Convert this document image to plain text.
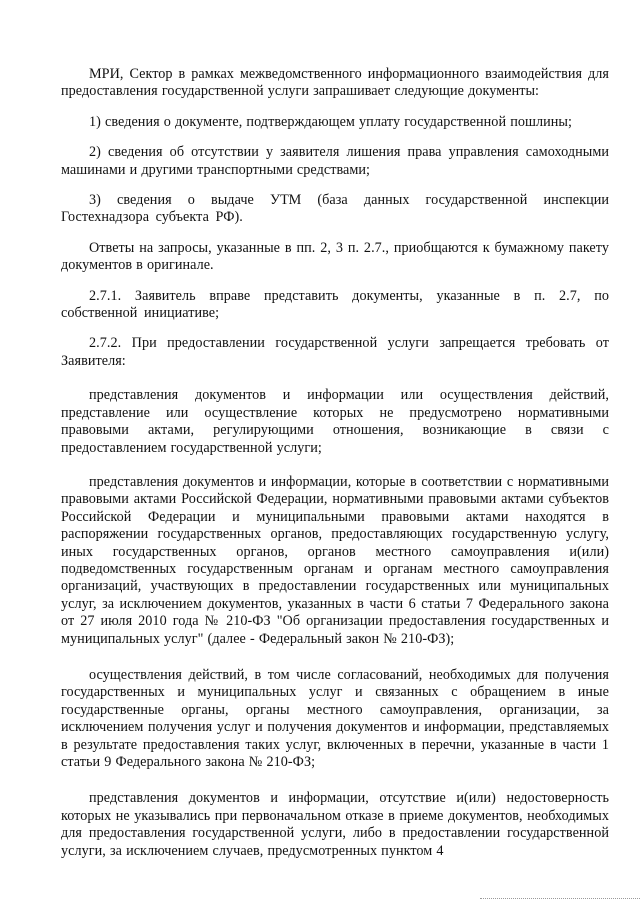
МРИ, Сектор в рамках межведомственного информационного взаимодействия для предоставления государственной услуги запрашивает следующие документы:

1) сведения о документе, подтверждающем уплату государственной пошлины;

2) сведения об отсутствии у заявителя лишения права управления самоходными машинами и другими транспортными средствами;

3) сведения о выдаче УТМ (база данных государственной инспекции Гостехнадзора субъекта РФ).

Ответы на запросы, указанные в пп. 2, 3 п. 2.7., приобщаются к бумажному пакету документов в оригинале.

2.7.1. Заявитель вправе представить документы, указанные в п. 2.7, по собственной инициативе;

2.7.2. При предоставлении государственной услуги запрещается требовать от Заявителя:

представления документов и информации или осуществления действий, представление или осуществление которых не предусмотрено нормативными правовыми актами, регулирующими отношения, возникающие в связи с предоставлением государственной услуги;

представления документов и информации, которые в соответствии с нормативными правовыми актами Российской Федерации, нормативными правовыми актами субъектов Российской Федерации и муниципальными правовыми актами находятся в распоряжении государственных органов, предоставляющих государственную услугу, иных государственных органов, органов местного самоуправления и(или) подведомственных государственным органам и органам местного самоуправления организаций, участвующих в предоставлении государственных или муниципальных услуг, за исключением документов, указанных в части 6 статьи 7 Федерального закона от 27 июля 2010 года № 210-ФЗ "Об организации предоставления государственных и муниципальных услуг" (далее - Федеральный закон № 210-ФЗ);

осуществления действий, в том числе согласований, необходимых для получения государственных и муниципальных услуг и связанных с обращением в иные государственные органы, органы местного самоуправления, организации, за исключением получения услуг и получения документов и информации, представляемых в результате предоставления таких услуг, включенных в перечни, указанные в части 1 статьи 9 Федерального закона № 210-ФЗ;

представления документов и информации, отсутствие и(или) недостоверность которых не указывались при первоначальном отказе в приеме документов, необходимых для предоставления государственной услуги, либо в предоставлении государственной услуги, за исключением случаев, предусмотренных пунктом 4
